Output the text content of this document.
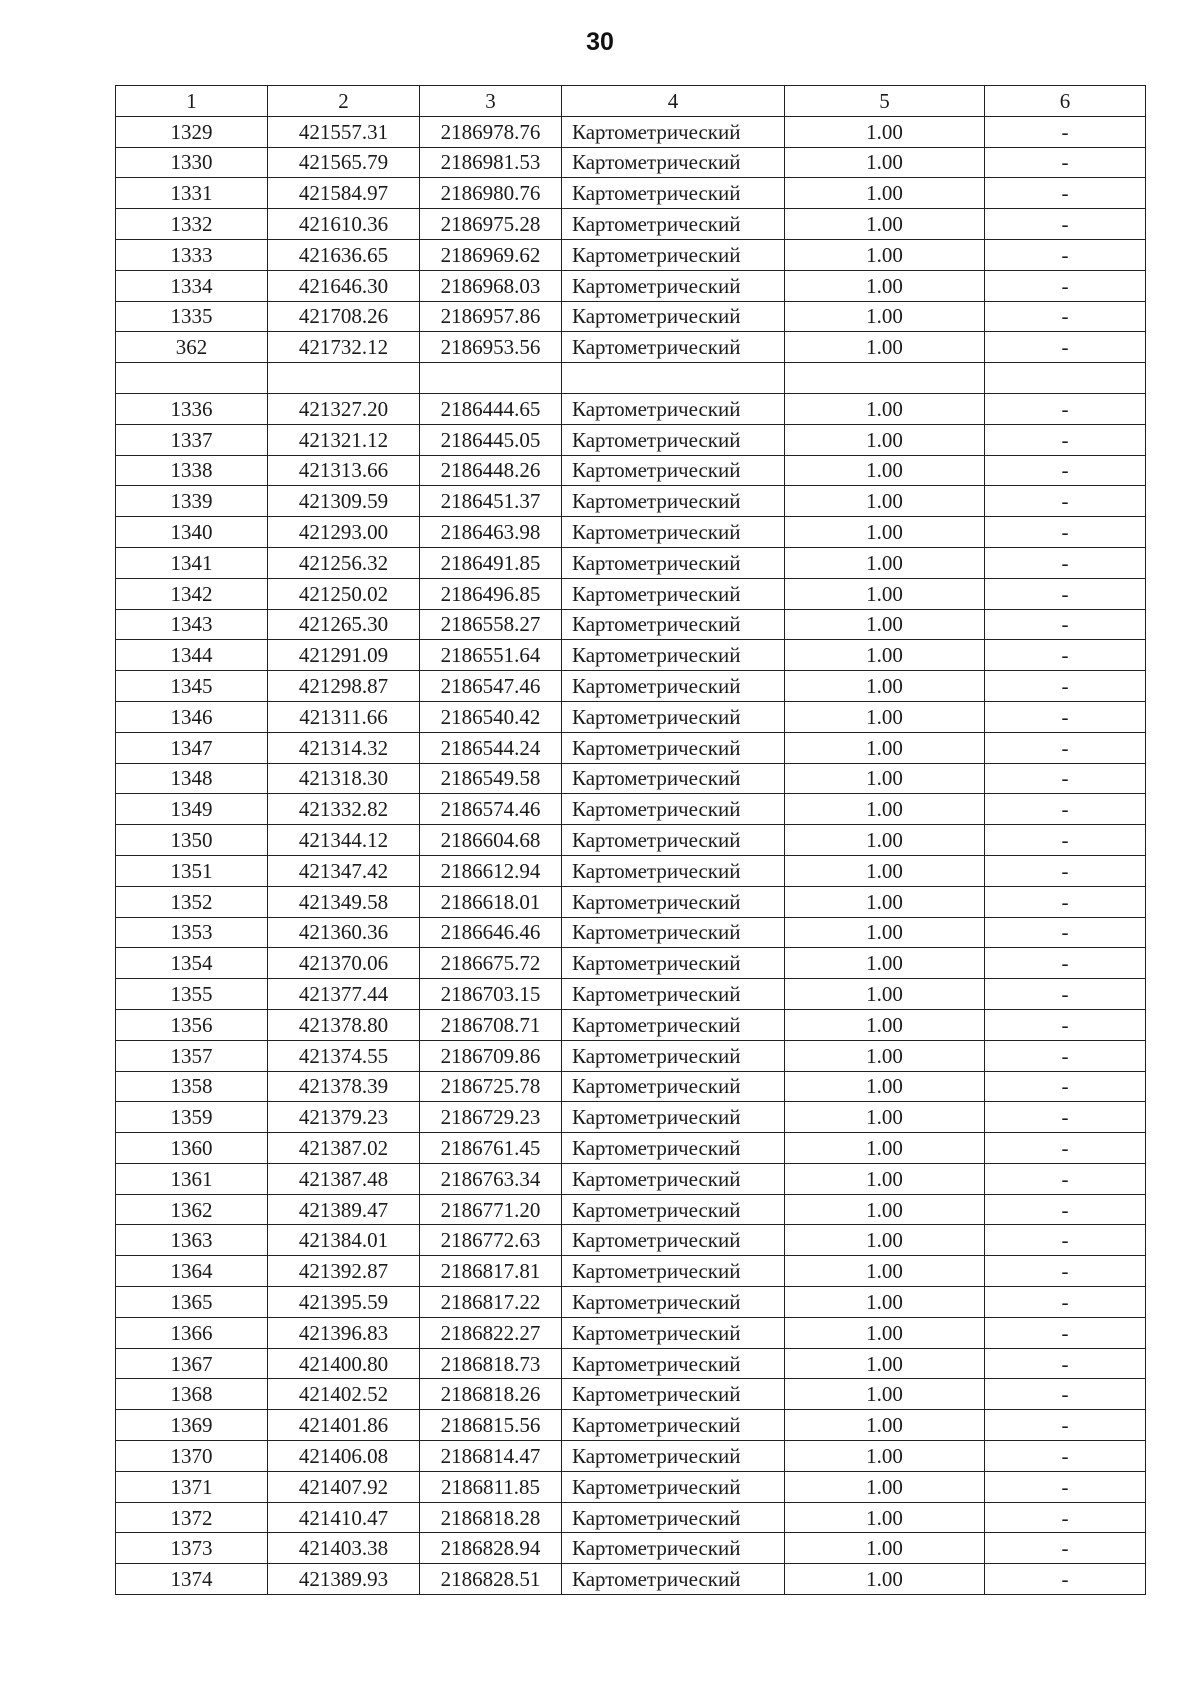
30
1	2	3	4	5	6
1329	421557.31	2186978.76	Картометрический	1.00	-
1330	421565.79	2186981.53	Картометрический	1.00	-
1331	421584.97	2186980.76	Картометрический	1.00	-
1332	421610.36	2186975.28	Картометрический	1.00	-
1333	421636.65	2186969.62	Картометрический	1.00	-
1334	421646.30	2186968.03	Картометрический	1.00	-
1335	421708.26	2186957.86	Картометрический	1.00	-
362	421732.12	2186953.56	Картометрический	1.00	-

1336	421327.20	2186444.65	Картометрический	1.00	-
1337	421321.12	2186445.05	Картометрический	1.00	-
1338	421313.66	2186448.26	Картометрический	1.00	-
1339	421309.59	2186451.37	Картометрический	1.00	-
1340	421293.00	2186463.98	Картометрический	1.00	-
1341	421256.32	2186491.85	Картометрический	1.00	-
1342	421250.02	2186496.85	Картометрический	1.00	-
1343	421265.30	2186558.27	Картометрический	1.00	-
1344	421291.09	2186551.64	Картометрический	1.00	-
1345	421298.87	2186547.46	Картометрический	1.00	-
1346	421311.66	2186540.42	Картометрический	1.00	-
1347	421314.32	2186544.24	Картометрический	1.00	-
1348	421318.30	2186549.58	Картометрический	1.00	-
1349	421332.82	2186574.46	Картометрический	1.00	-
1350	421344.12	2186604.68	Картометрический	1.00	-
1351	421347.42	2186612.94	Картометрический	1.00	-
1352	421349.58	2186618.01	Картометрический	1.00	-
1353	421360.36	2186646.46	Картометрический	1.00	-
1354	421370.06	2186675.72	Картометрический	1.00	-
1355	421377.44	2186703.15	Картометрический	1.00	-
1356	421378.80	2186708.71	Картометрический	1.00	-
1357	421374.55	2186709.86	Картометрический	1.00	-
1358	421378.39	2186725.78	Картометрический	1.00	-
1359	421379.23	2186729.23	Картометрический	1.00	-
1360	421387.02	2186761.45	Картометрический	1.00	-
1361	421387.48	2186763.34	Картометрический	1.00	-
1362	421389.47	2186771.20	Картометрический	1.00	-
1363	421384.01	2186772.63	Картометрический	1.00	-
1364	421392.87	2186817.81	Картометрический	1.00	-
1365	421395.59	2186817.22	Картометрический	1.00	-
1366	421396.83	2186822.27	Картометрический	1.00	-
1367	421400.80	2186818.73	Картометрический	1.00	-
1368	421402.52	2186818.26	Картометрический	1.00	-
1369	421401.86	2186815.56	Картометрический	1.00	-
1370	421406.08	2186814.47	Картометрический	1.00	-
1371	421407.92	2186811.85	Картометрический	1.00	-
1372	421410.47	2186818.28	Картометрический	1.00	-
1373	421403.38	2186828.94	Картометрический	1.00	-
1374	421389.93	2186828.51	Картометрический	1.00	-
